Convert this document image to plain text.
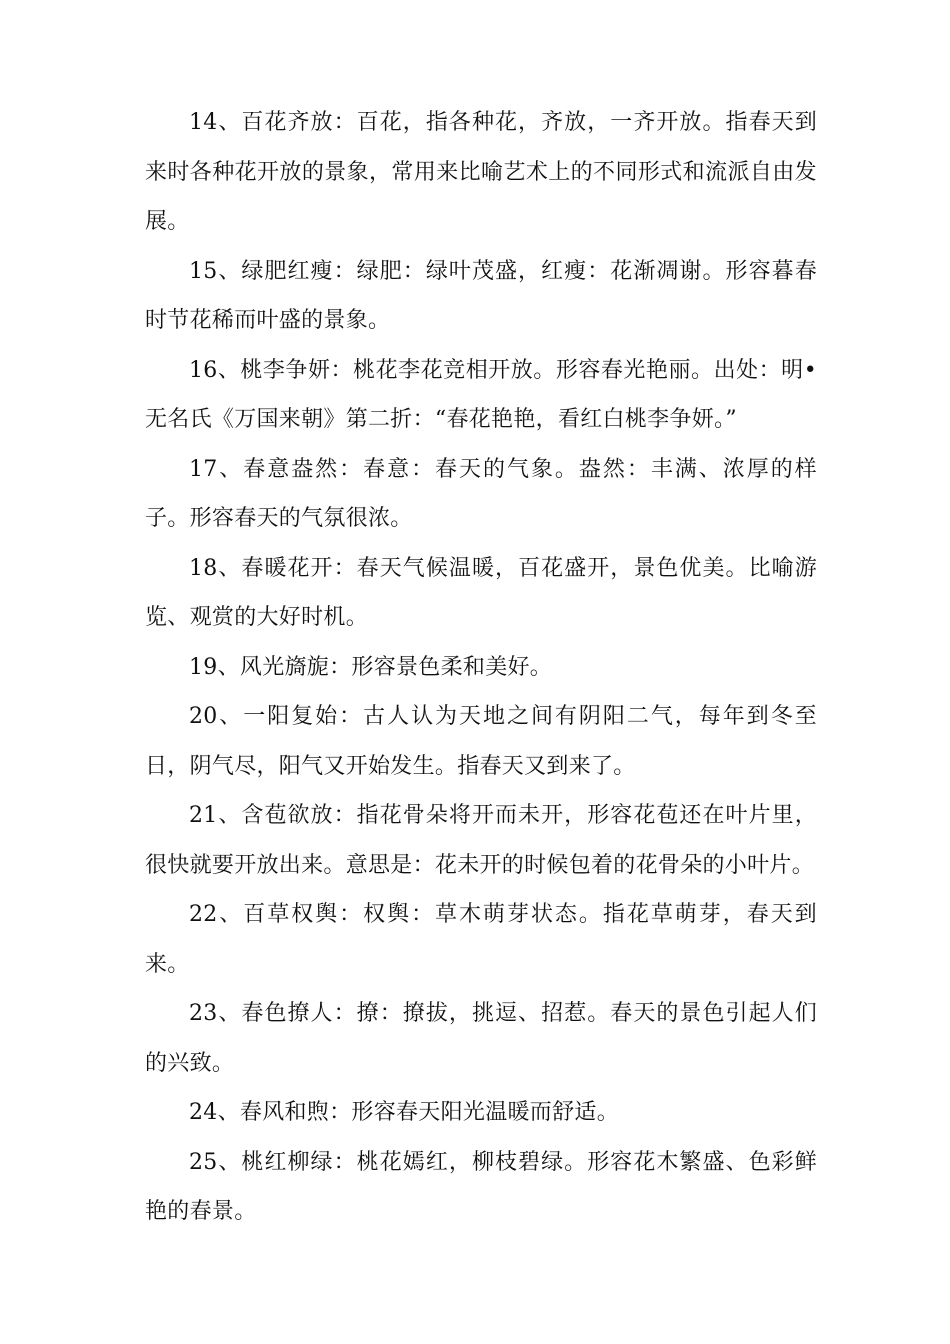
14、百花齐放：百花，指各种花，齐放，一齐开放。指春天到来时各种花开放的景象，常用来比喻艺术上的不同形式和流派自由发展。

15、绿肥红瘦：绿肥：绿叶茂盛，红瘦：花渐凋谢。形容暮春时节花稀而叶盛的景象。

16、桃李争妍：桃花李花竞相开放。形容春光艳丽。出处：明•无名氏《万国来朝》第二折：“春花艳艳，看红白桃李争妍。”

17、春意盎然：春意：春天的气象。盎然：丰满、浓厚的样子。形容春天的气氛很浓。

18、春暖花开：春天气候温暖，百花盛开，景色优美。比喻游览、观赏的大好时机。

19、风光旖旎：形容景色柔和美好。

20、一阳复始：古人认为天地之间有阴阳二气，每年到冬至日，阴气尽，阳气又开始发生。指春天又到来了。

21、含苞欲放：指花骨朵将开而未开，形容花苞还在叶片里，很快就要开放出来。意思是：花未开的时候包着的花骨朵的小叶片。

22、百草权舆：权舆：草木萌芽状态。指花草萌芽，春天到来。

23、春色撩人：撩：撩拔，挑逗、招惹。春天的景色引起人们的兴致。

24、春风和煦：形容春天阳光温暖而舒适。

25、桃红柳绿：桃花嫣红，柳枝碧绿。形容花木繁盛、色彩鲜艳的春景。
